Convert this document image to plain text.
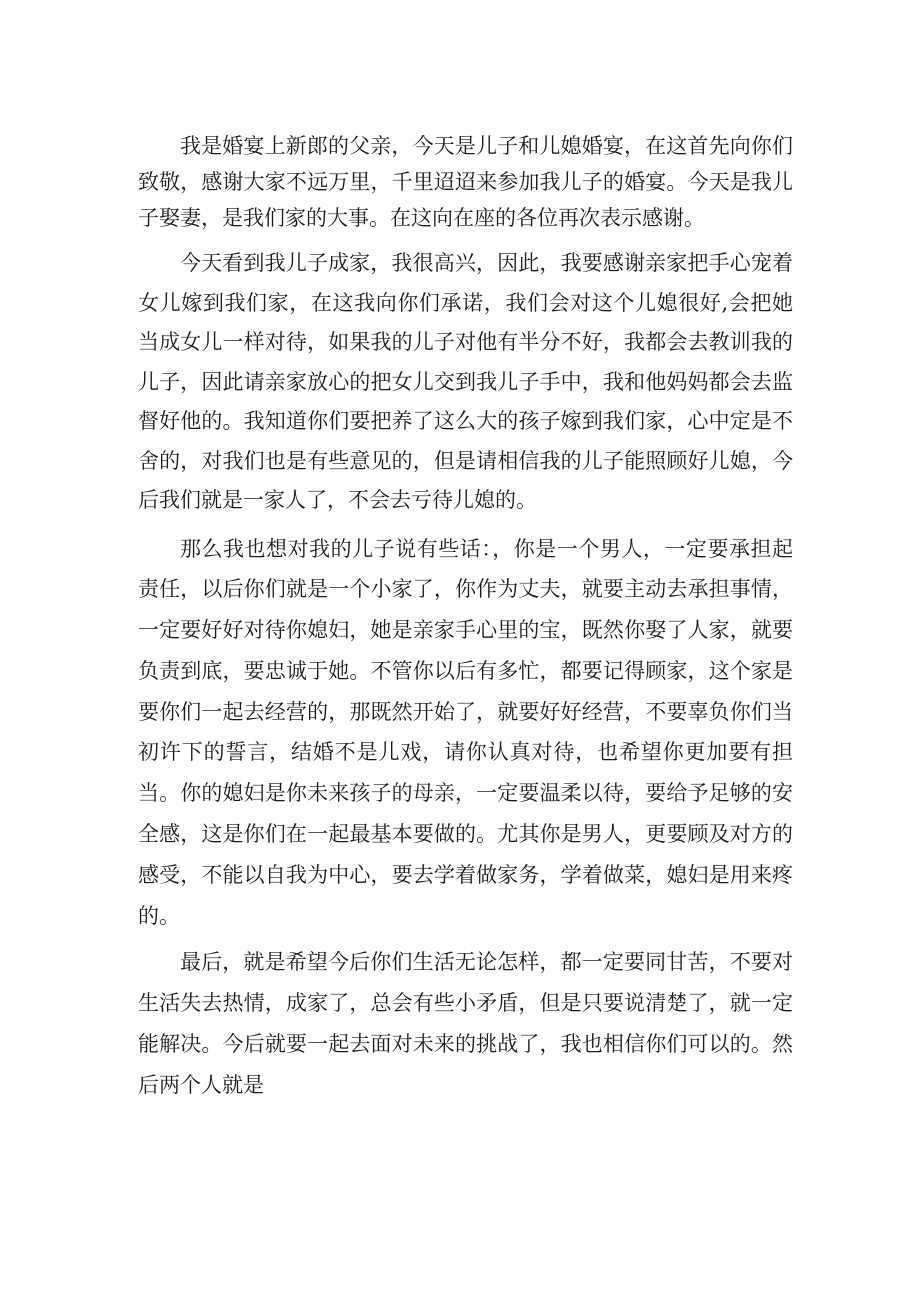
我是婚宴上新郎的父亲，今天是儿子和儿媳婚宴，在这首先向你们致敬，感谢大家不远万里，千里迢迢来参加我儿子的婚宴。今天是我儿子娶妻，是我们家的大事。在这向在座的各位再次表示感谢。

今天看到我儿子成家，我很高兴，因此，我要感谢亲家把手心宠着女儿嫁到我们家，在这我向你们承诺，我们会对这个儿媳很好,会把她当成女儿一样对待，如果我的儿子对他有半分不好，我都会去教训我的儿子，因此请亲家放心的把女儿交到我儿子手中，我和他妈妈都会去监督好他的。我知道你们要把养了这么大的孩子嫁到我们家，心中定是不舍的，对我们也是有些意见的，但是请相信我的儿子能照顾好儿媳，今后我们就是一家人了，不会去亏待儿媳的。

那么我也想对我的儿子说有些话：，你是一个男人，一定要承担起责任，以后你们就是一个小家了，你作为丈夫，就要主动去承担事情，一定要好好对待你媳妇，她是亲家手心里的宝，既然你娶了人家，就要负责到底，要忠诚于她。不管你以后有多忙，都要记得顾家，这个家是要你们一起去经营的，那既然开始了，就要好好经营，不要辜负你们当初许下的誓言，结婚不是儿戏，请你认真对待，也希望你更加要有担当。你的媳妇是你未来孩子的母亲，一定要温柔以待，要给予足够的安全感，这是你们在一起最基本要做的。尤其你是男人，更要顾及对方的感受，不能以自我为中心，要去学着做家务，学着做菜，媳妇是用来疼的。

最后，就是希望今后你们生活无论怎样，都一定要同甘苦，不要对生活失去热情，成家了，总会有些小矛盾，但是只要说清楚了，就一定能解决。今后就要一起去面对未来的挑战了，我也相信你们可以的。然后两个人就是
